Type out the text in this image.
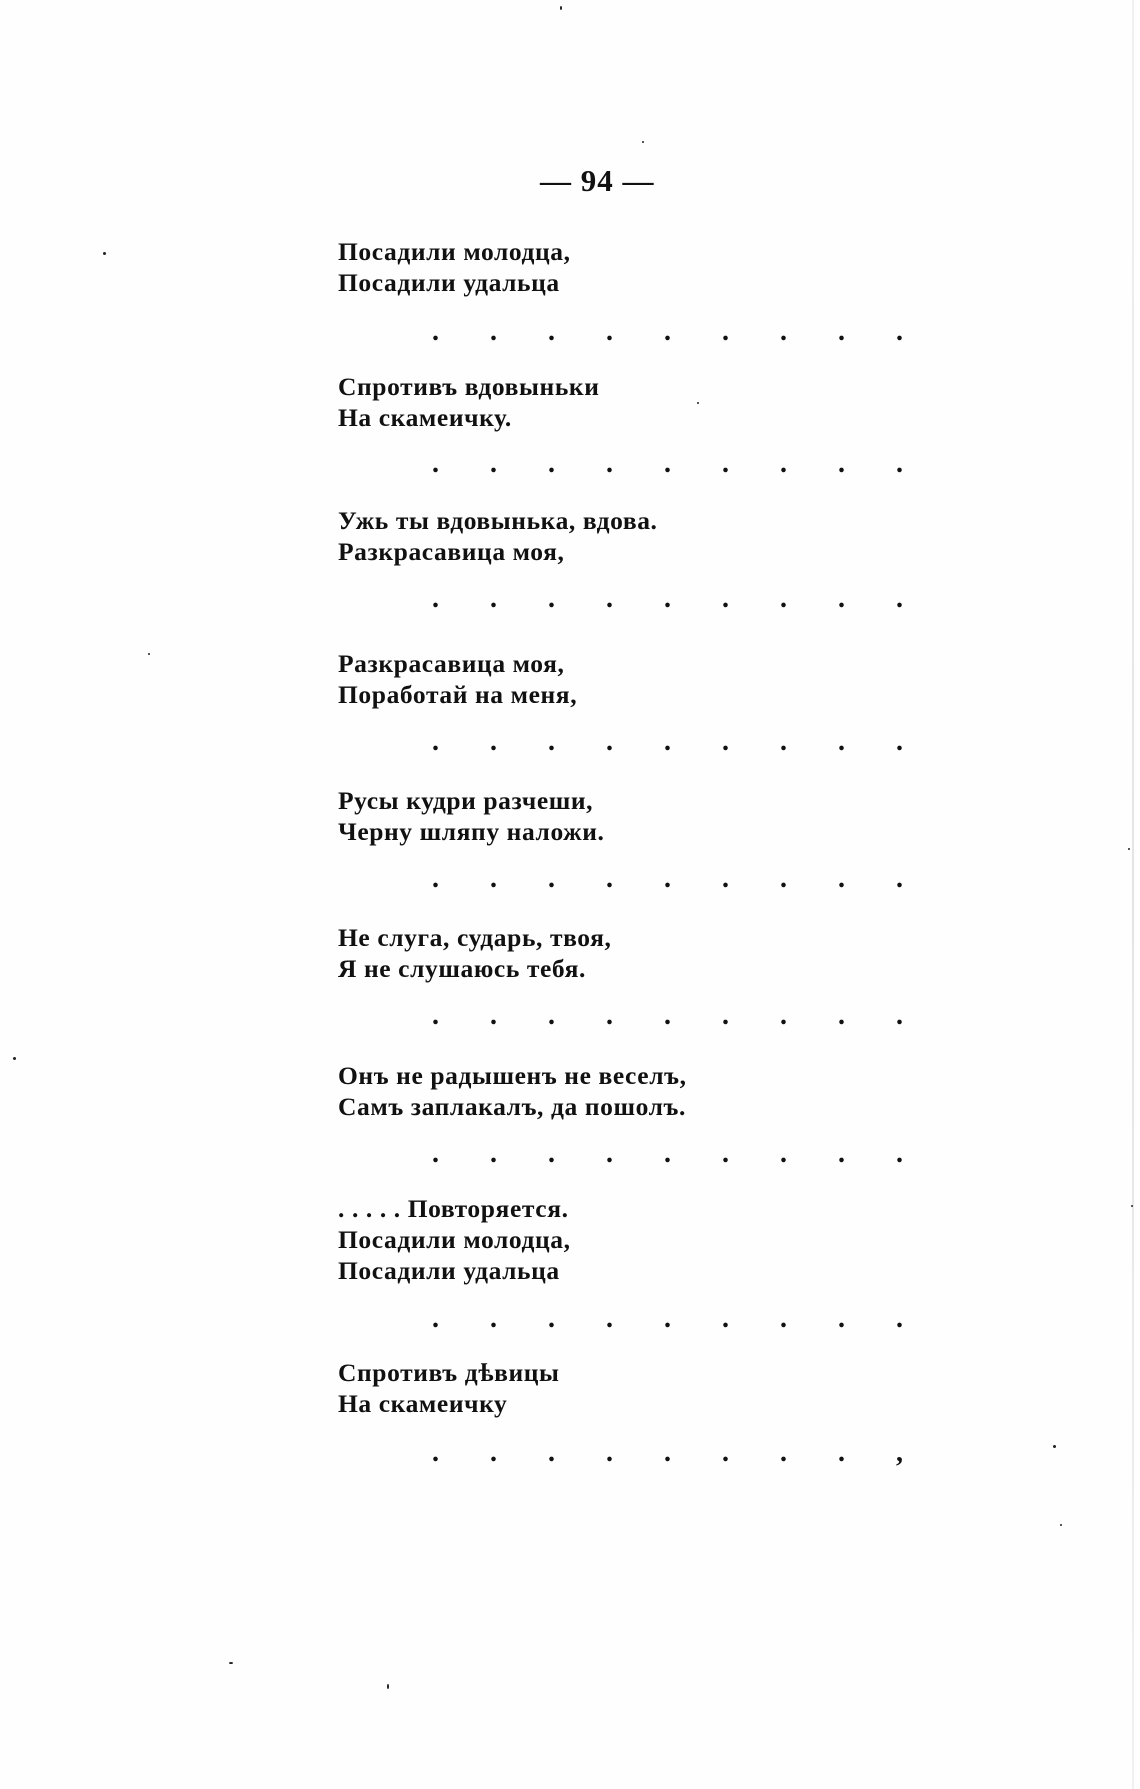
— 94 —
Посадили молодца,
Посадили удальца
. . . . . . . . .
Спротивъ вдовыньки
На скамеичку.
. . . . . . . . .
Ужь ты вдовынька, вдова.
Разкрасавица моя,
. . . . . . . . .
Разкрасавица моя,
Поработай на меня,
. . . . . . . . .
Русы кудри разчеши,
Черну шляпу наложи.
. . . . . . . . .
Не слуга, сударь, твоя,
Я не слушаюсь тебя.
. . . . . . . . .
Онъ не радышенъ не веселъ,
Самъ заплакалъ, да пошолъ.
. . . . . . . . .
. . . . . Повторяется.
Посадили молодца,
Посадили удальца
. . . . . . . . .
Спротивъ дѣвицы
На скамеичку
. . . . . . . . ,
